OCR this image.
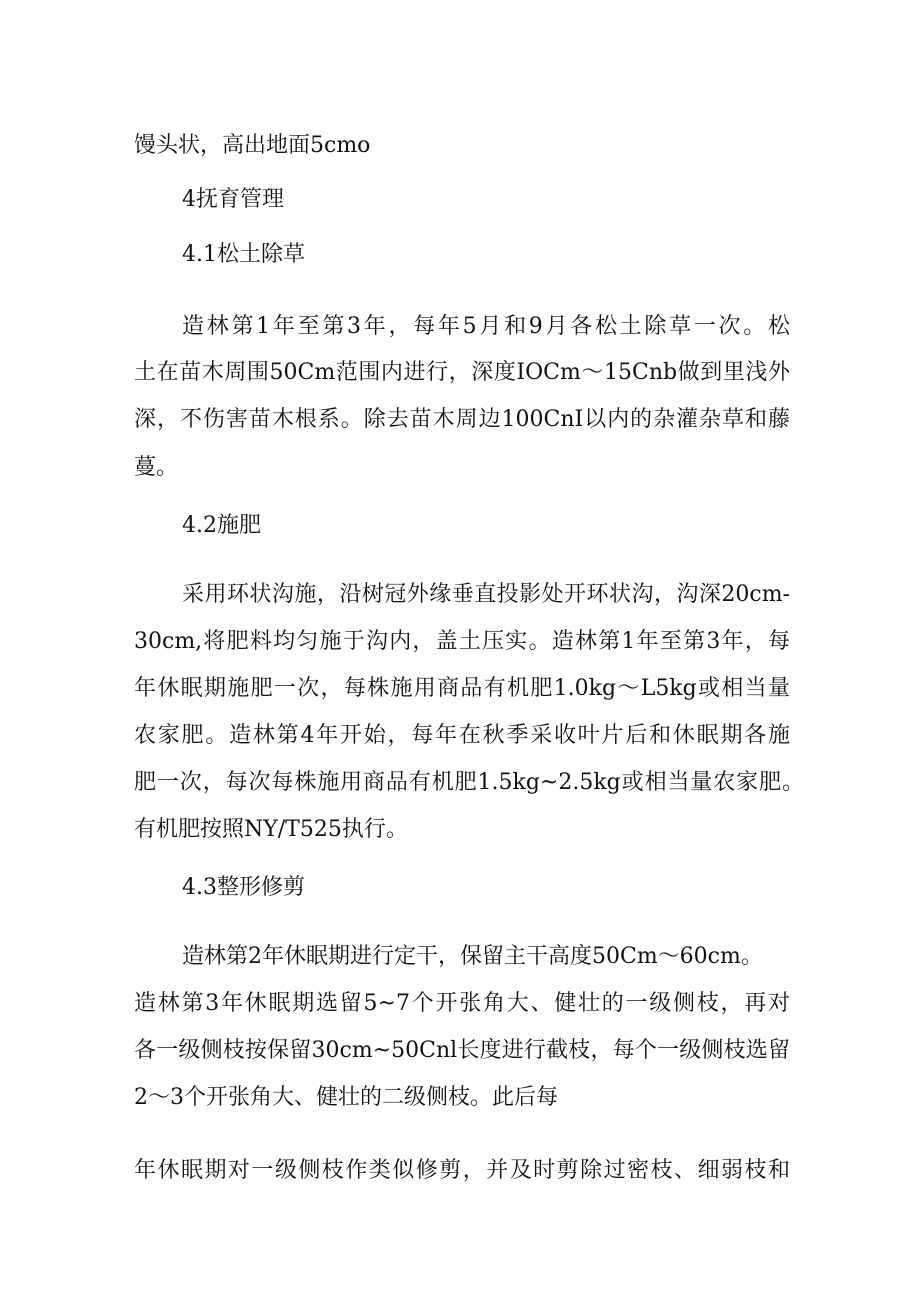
馒头状，高出地面5cmo

4抚育管理

4.1松土除草

造林第1年至第3年，每年5月和9月各松土除草一次。松

土在苗木周围50Cm范围内进行，深度IOCm～15Cnb做到里浅外

深，不伤害苗木根系。除去苗木周边100CnI以内的杂灌杂草和藤

蔓。

4.2施肥

采用环状沟施，沿树冠外缘垂直投影处开环状沟，沟深20cm-

30cm,将肥料均匀施于沟内，盖土压实。造林第1年至第3年，每

年休眠期施肥一次，每株施用商品有机肥1.0kg～L5kg或相当量

农家肥。造林第4年开始，每年在秋季采收叶片后和休眠期各施

肥一次，每次每株施用商品有机肥1.5kg~2.5kg或相当量农家肥。

有机肥按照NY/T525执行。

4.3整形修剪

造林第2年休眠期进行定干，保留主干高度50Cm～60cm。

造林第3年休眠期选留5~7个开张角大、健壮的一级侧枝，再对

各一级侧枝按保留30cm~50Cnl长度进行截枝，每个一级侧枝选留

2～3个开张角大、健壮的二级侧枝。此后每

年休眠期对一级侧枝作类似修剪，并及时剪除过密枝、细弱枝和
